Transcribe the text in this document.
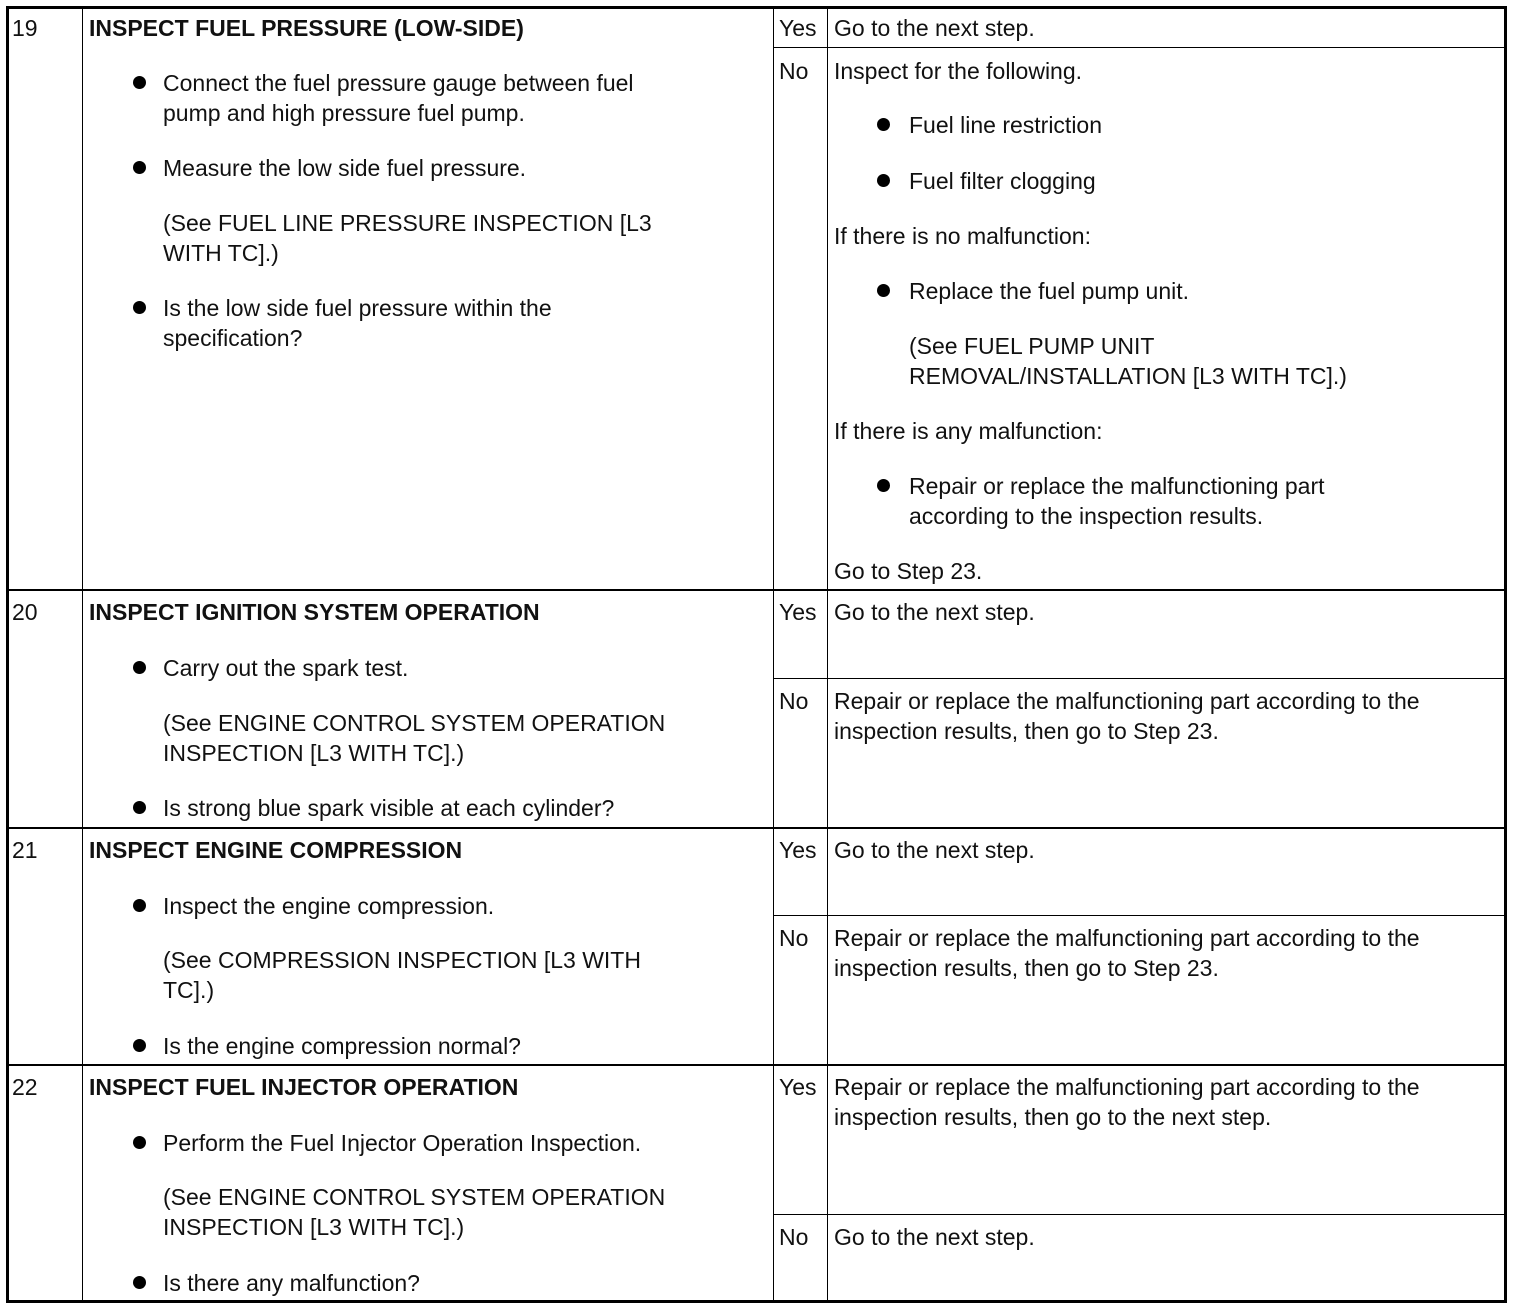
19 INSPECT FUEL PRESSURE (LOW-SIDE)
Connect the fuel pressure gauge between fuel
pump and high pressure fuel pump.
Measure the low side fuel pressure.
(See FUEL LINE PRESSURE INSPECTION [L3
WITH TC].)
Is the low side fuel pressure within the
specification?
Yes Go to the next step.
No Inspect for the following.
Fuel line restriction
Fuel filter clogging
If there is no malfunction:
Replace the fuel pump unit.
(See FUEL PUMP UNIT
REMOVAL/INSTALLATION [L3 WITH TC].)
If there is any malfunction:
Repair or replace the malfunctioning part
according to the inspection results.
Go to Step 23.
20 INSPECT IGNITION SYSTEM OPERATION
Carry out the spark test.
(See ENGINE CONTROL SYSTEM OPERATION
INSPECTION [L3 WITH TC].)
Is strong blue spark visible at each cylinder?
Yes Go to the next step.
No Repair or replace the malfunctioning part according to the
inspection results, then go to Step 23.
21 INSPECT ENGINE COMPRESSION
Inspect the engine compression.
(See COMPRESSION INSPECTION [L3 WITH
TC].)
Is the engine compression normal?
Yes Go to the next step.
No Repair or replace the malfunctioning part according to the
inspection results, then go to Step 23.
22 INSPECT FUEL INJECTOR OPERATION
Perform the Fuel Injector Operation Inspection.
(See ENGINE CONTROL SYSTEM OPERATION
INSPECTION [L3 WITH TC].)
Is there any malfunction?
Yes Repair or replace the malfunctioning part according to the
inspection results, then go to the next step.
No Go to the next step.
